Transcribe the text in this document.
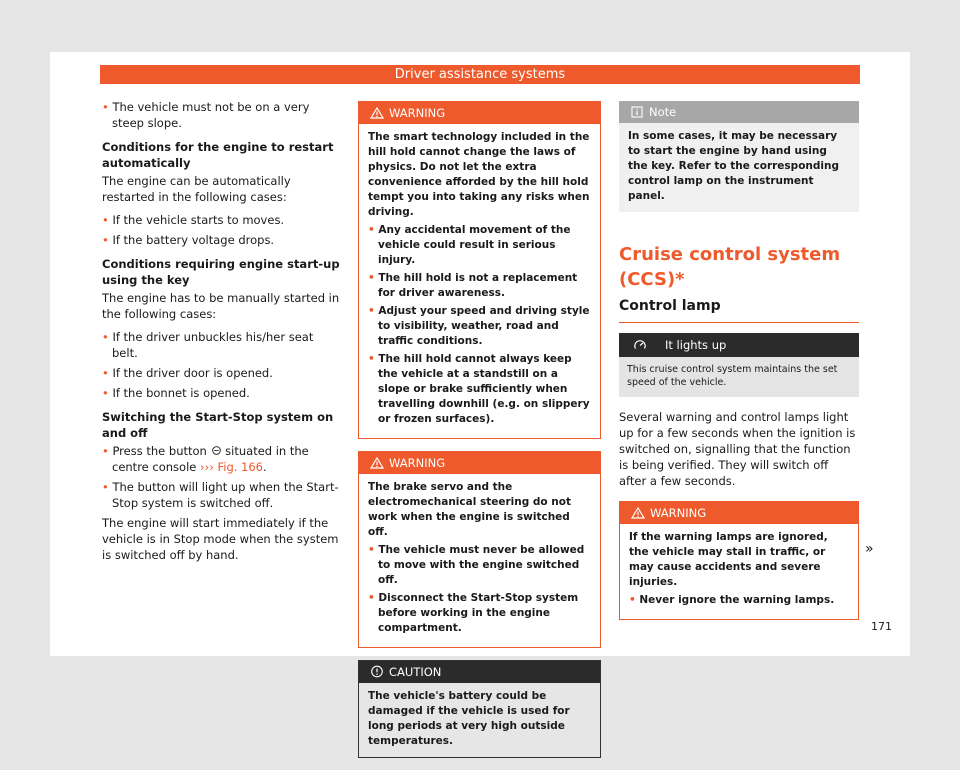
Driver assistance systems

• The vehicle must not be on a very steep slope.

Conditions for the engine to restart automatically

The engine can be automatically restarted in the following cases:

• If the vehicle starts to moves.

• If the battery voltage drops.

Conditions requiring engine start-up using the key

The engine has to be manually started in the following cases:

• If the driver unbuckles his/her seat belt.

• If the driver door is opened.

• If the bonnet is opened.

Switching the Start-Stop system on and off

• Press the button situated in the centre console ››› Fig. 166.

• The button will light up when the Start-Stop system is switched off.

The engine will start immediately if the vehicle is in Stop mode when the system is switched off by hand.

WARNING
The smart technology included in the hill hold cannot change the laws of physics. Do not let the extra convenience afforded by the hill hold tempt you into taking any risks when driving.
• Any accidental movement of the vehicle could result in serious injury.
• The hill hold is not a replacement for driver awareness.
• Adjust your speed and driving style to visibility, weather, road and traffic conditions.
• The hill hold cannot always keep the vehicle at a standstill on a slope or brake sufficiently when travelling downhill (e.g. on slippery or frozen surfaces).
WARNING
The brake servo and the electromechanical steering do not work when the engine is switched off.
• The vehicle must never be allowed to move with the engine switched off.
• Disconnect the Start-Stop system before working in the engine compartment.
CAUTION
The vehicle's battery could be damaged if the vehicle is used for long periods at very high outside temperatures.
Note
In some cases, it may be necessary to start the engine by hand using the key. Refer to the corresponding control lamp on the instrument panel.
Cruise control system (CCS)*
Control lamp
It lights up
This cruise control system maintains the set speed of the vehicle.

Several warning and control lamps light up for a few seconds when the ignition is switched on, signalling that the function is being verified. They will switch off after a few seconds.

WARNING
If the warning lamps are ignored, the vehicle may stall in traffic, or may cause accidents and severe injuries.
• Never ignore the warning lamps.
»
171
